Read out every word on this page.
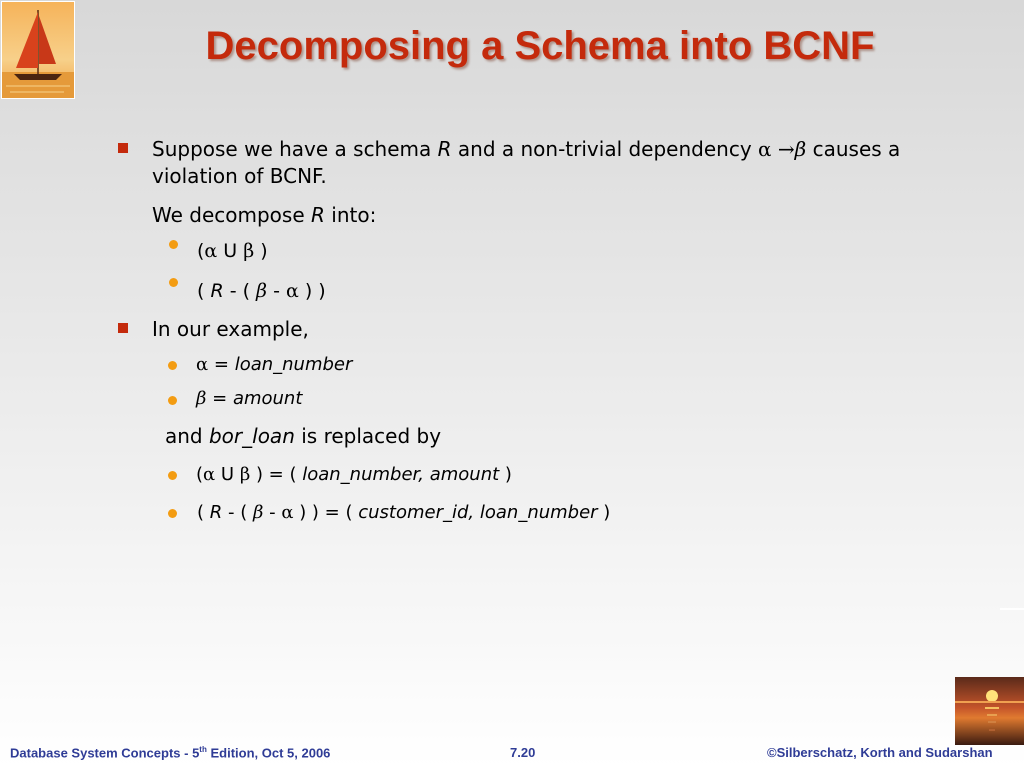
Decomposing a Schema into BCNF
Suppose we have a schema R and a non-trivial dependency α →β causes a
violation of BCNF.
We decompose R into:
(α U β )
( R - ( β - α ) )
In our example,
α = loan_number
β = amount
and bor_loan is replaced by
(α U β ) = ( loan_number, amount )
( R - ( β - α ) ) = ( customer_id, loan_number )
Database System Concepts - 5th Edition, Oct 5, 2006	7.20	©Silberschatz, Korth and Sudarshan
